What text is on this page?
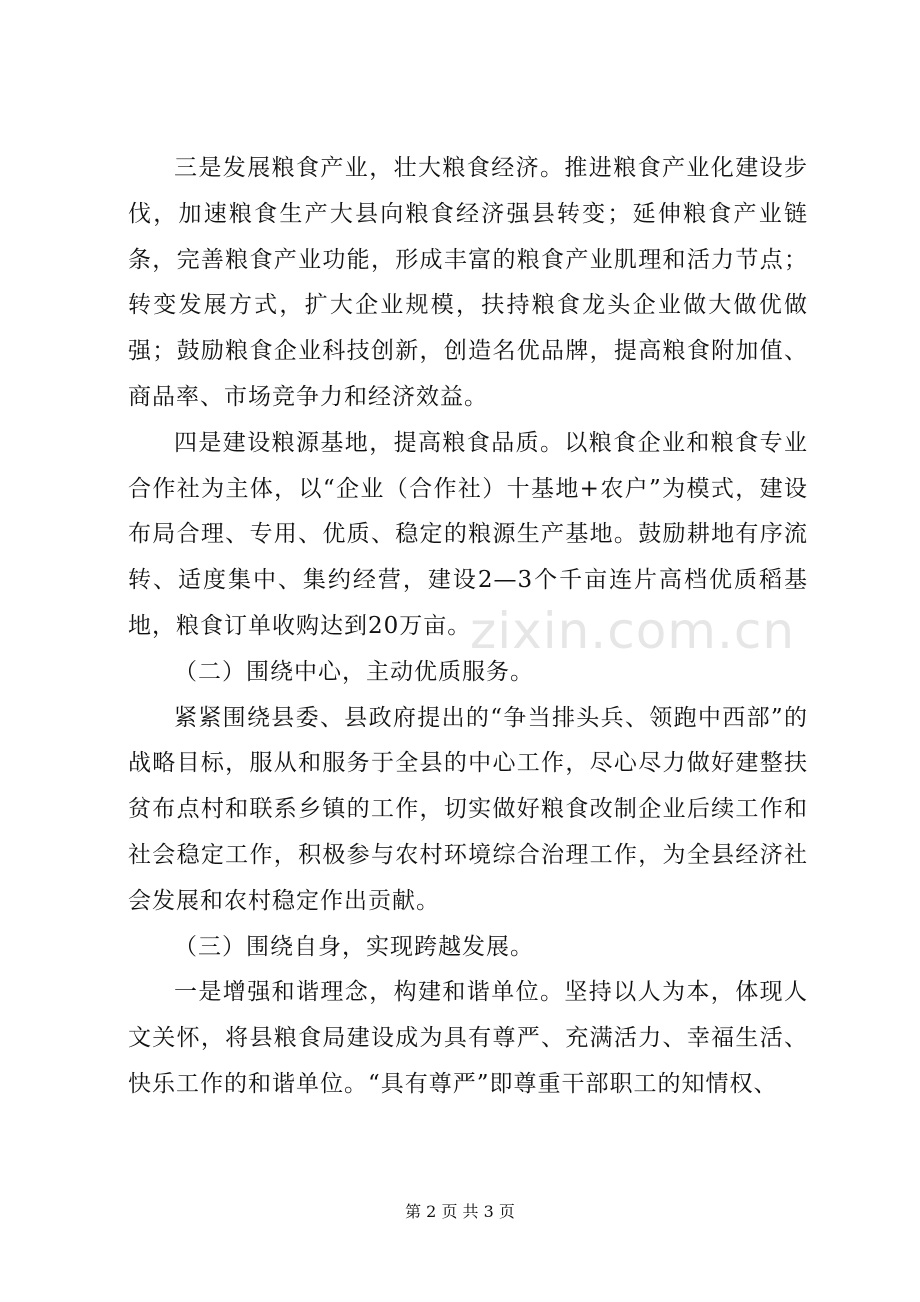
三是发展粮食产业，壮大粮食经济。推进粮食产业化建设步伐，加速粮食生产大县向粮食经济强县转变；延伸粮食产业链条，完善粮食产业功能，形成丰富的粮食产业肌理和活力节点；转变发展方式，扩大企业规模，扶持粮食龙头企业做大做优做强；鼓励粮食企业科技创新，创造名优品牌，提高粮食附加值、商品率、市场竞争力和经济效益。

四是建设粮源基地，提高粮食品质。以粮食企业和粮食专业合作社为主体，以“企业（合作社）十基地+农户”为模式，建设布局合理、专用、优质、稳定的粮源生产基地。鼓励耕地有序流转、适度集中、集约经营，建设2—3个千亩连片高档优质稻基地，粮食订单收购达到20万亩。

（二）围绕中心，主动优质服务。

紧紧围绕县委、县政府提出的“争当排头兵、领跑中西部”的战略目标，服从和服务于全县的中心工作，尽心尽力做好建整扶贫布点村和联系乡镇的工作，切实做好粮食改制企业后续工作和社会稳定工作，积极参与农村环境综合治理工作，为全县经济社会发展和农村稳定作出贡献。

（三）围绕自身，实现跨越发展。

一是增强和谐理念，构建和谐单位。坚持以人为本，体现人文关怀，将县粮食局建设成为具有尊严、充满活力、幸福生活、快乐工作的和谐单位。“具有尊严”即尊重干部职工的知情权、

zixin.com.cn
第 2 页 共 3 页
